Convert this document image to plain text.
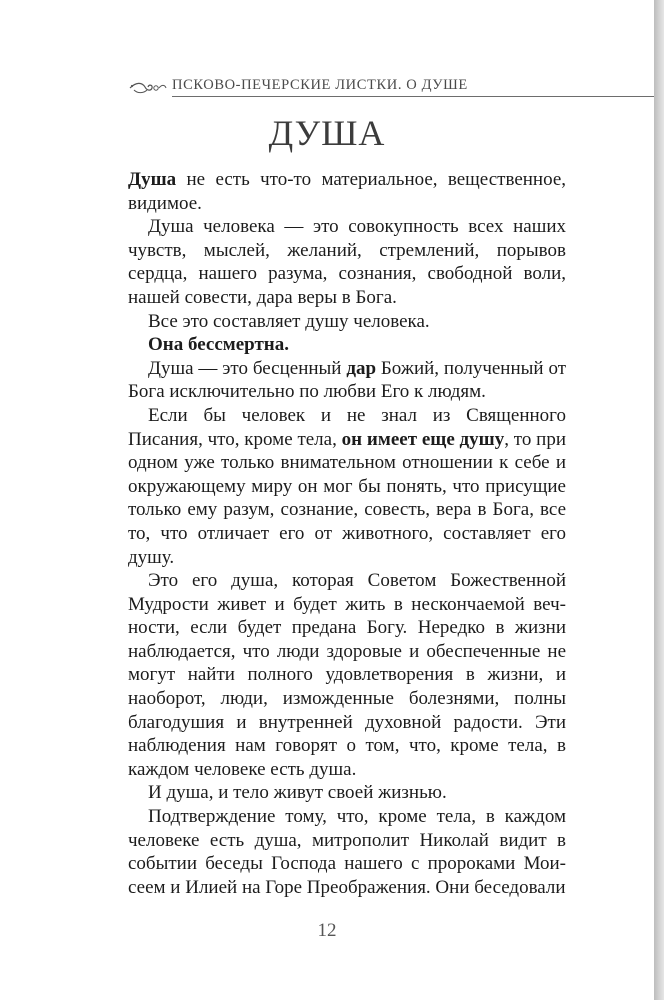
ПСКОВО-ПЕЧЕРСКИЕ ЛИСТКИ. О ДУШЕ
ДУША

Душа не есть что-то материальное, вещественное, видимое.

Душа человека — это совокупность всех наших чувств, мыслей, желаний, стремлений, порывов сердца, нашего разума, сознания, свободной воли, нашей совести, дара веры в Бога.

Все это составляет душу человека.

Она бессмертна.

Душа — это бесценный дар Божий, полученный от Бога исключительно по любви Его к людям.

Если бы человек и не знал из Священного Писания, что, кроме тела, он имеет еще душу, то при одном уже только внимательном отношении к себе и окружающему миру он мог бы понять, что присущие только ему разум, сознание, совесть, вера в Бога, все то, что отличает его от животного, составляет его душу.

Это его душа, которая Советом Божественной Мудрости живет и будет жить в нескончаемой вечности, если будет предана Богу. Нередко в жизни наблюдается, что люди здоровые и обеспеченные не могут найти полного удовлетворения в жизни, и наоборот, люди, изможденные болезнями, полны благодушия и внутренней духовной радости. Эти наблюдения нам говорят о том, что, кроме тела, в каждом человеке есть душа.

И душа, и тело живут своей жизнью.

Подтверждение тому, что, кроме тела, в каждом человеке есть душа, митрополит Николай видит в событии беседы Господа нашего с пророками Моисеем и Илией на Горе Преображения. Они беседовали

12
